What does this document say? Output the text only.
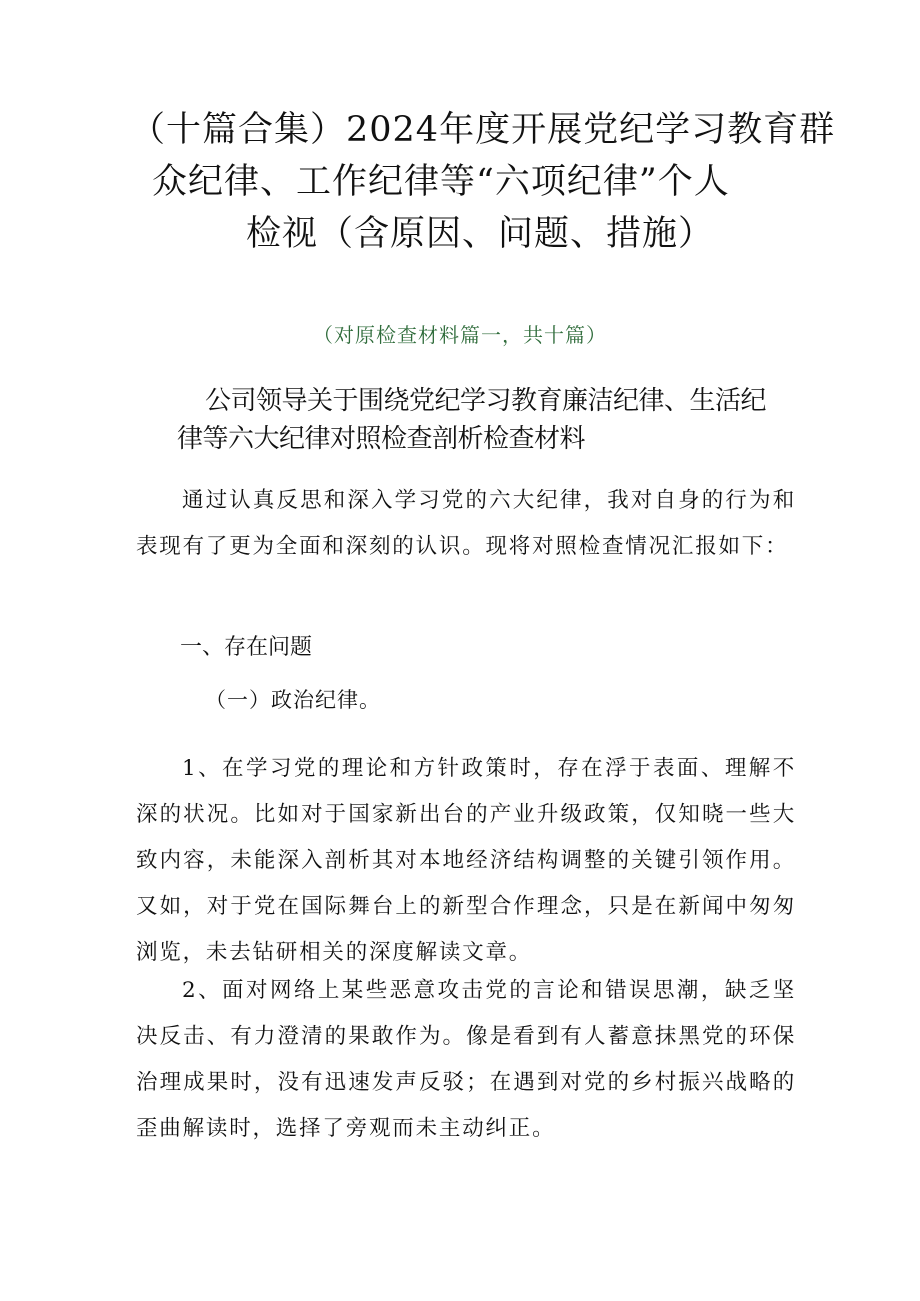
（十篇合集）2024年度开展党纪学习教育群
众纪律、工作纪律等“六项纪律”个人
检视（含原因、问题、措施）
（对原检查材料篇一，共十篇）
公司领导关于围绕党纪学习教育廉洁纪律、生活纪
律等六大纪律对照检查剖析检查材料

通过认真反思和深入学习党的六大纪律，我对自身的行为和表现有了更为全面和深刻的认识。现将对照检查情况汇报如下：

一、存在问题
（一）政治纪律。

1、在学习党的理论和方针政策时，存在浮于表面、理解不深的状况。比如对于国家新出台的产业升级政策，仅知晓一些大致内容，未能深入剖析其对本地经济结构调整的关键引领作用。又如，对于党在国际舞台上的新型合作理念，只是在新闻中匆匆浏览，未去钻研相关的深度解读文章。

2、面对网络上某些恶意攻击党的言论和错误思潮，缺乏坚决反击、有力澄清的果敢作为。像是看到有人蓄意抹黑党的环保治理成果时，没有迅速发声反驳；在遇到对党的乡村振兴战略的歪曲解读时，选择了旁观而未主动纠正。
